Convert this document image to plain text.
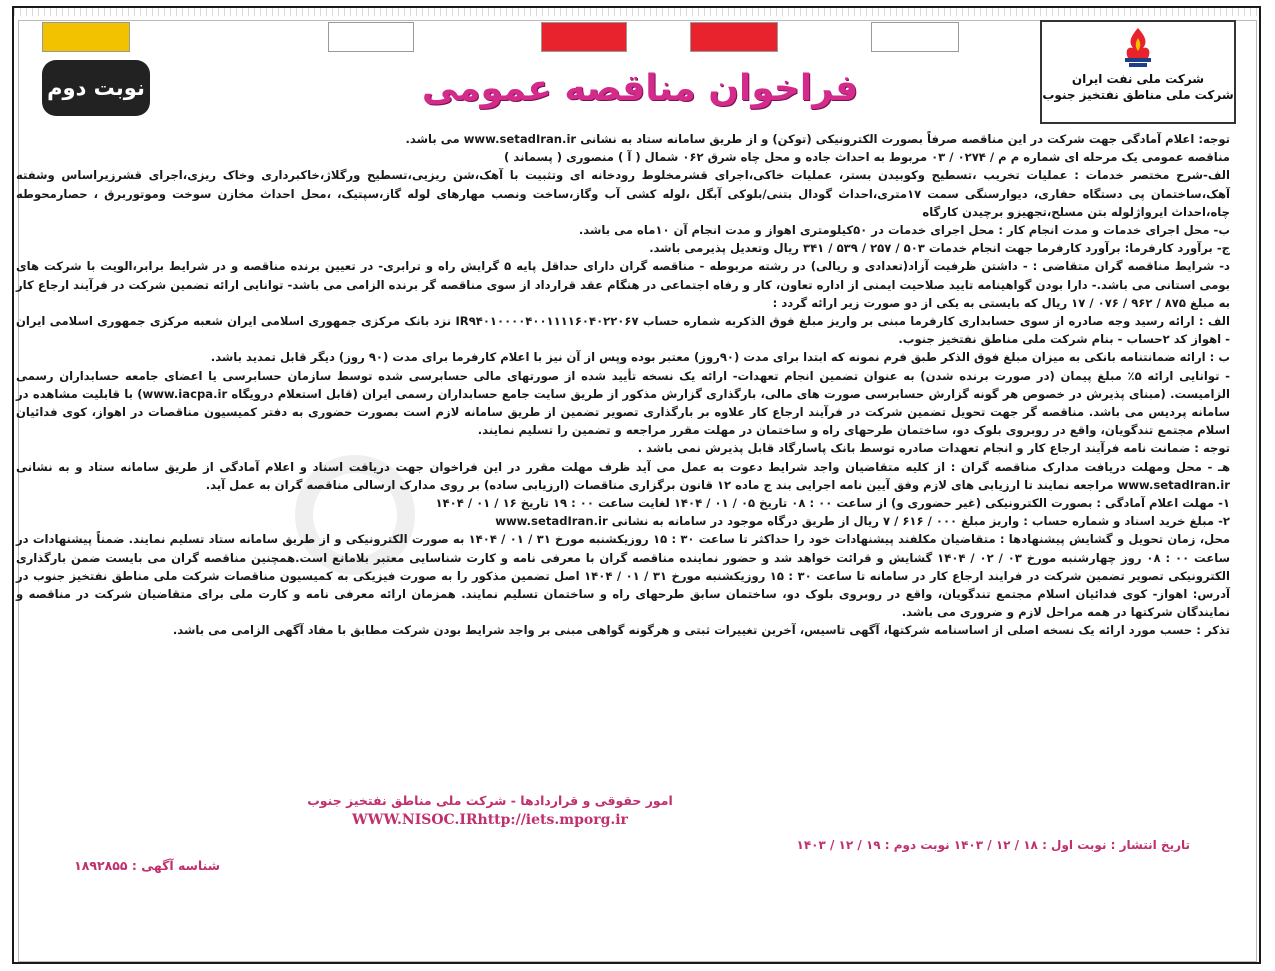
نوبت دوم	شرکت ملی نفت ایران
شرکت ملی مناطق نفتخیز جنوب
فراخوان مناقصه عمومی

توجه: اعلام آمادگی جهت شرکت در این مناقصه صرفاً بصورت الکترونیکی (توکن) و از طریق سامانه ستاد به نشانی www.setadIran.ir می باشد.

مناقصه عمومی یک مرحله ای شماره م م / ۰۲۷۴ / ۰۳ مربوط به احداث جاده و محل چاه شرق ۰۶۲ شمال ( آ ) منصوری ( پسماند )

الف-شرح مختصر خدمات : عملیات تخریب ،تسطیح وکوبیدن بستر، عملیات خاکی،اجرای قشرمخلوط رودخانه ای وتثبیت با آهک،شن ریزیی،تسطیح ورگلاژ،خاکبرداری وخاک ریزی،اجرای قشرزیراساس وشفته آهک،ساختمان پی دستگاه حفاری، دیوارسنگی سمت ۱۷متری،احداث گودال بتنی/بلوکی آبگل ،لوله کشی آب وگاز،ساخت ونصب مهارهای لوله گاز،سپتیک، ،محل احداث مخازن سوخت وموتوربرق ، حصارمحوطه چاه،احداث ایرواژلوله بتن مسلح،تجهیزو برچیدن کارگاه

ب- محل اجرای خدمات و مدت انجام کار : محل اجرای خدمات در ۵۰کیلومتری اهواز و مدت انجام آن ۱۰ماه می باشد.

ج- برآورد کارفرما: برآورد کارفرما جهت انجام خدمات ۵۰۳ / ۲۵۷ / ۵۳۹ / ۳۴۱ ریال وتعدیل پذیرمی باشد.

د- شرایط مناقصه گران متقاضی : - داشتن ظرفیت آزاد(تعدادی و ریالی) در رشته مربوطه - مناقصه گران دارای حداقل پایه ۵ گرایش راه و ترابری- در تعیین برنده مناقصه و در شرایط برابر،الویت با شرکت های بومی استانی می باشد.- دارا بودن گواهینامه تایید صلاحیت ایمنی از اداره تعاون، کار و رفاه اجتماعی در هنگام عقد قرارداد از سوی مناقصه گر برنده الزامی می باشد- توانایی ارائه تضمین شرکت در فرآیند ارجاع کار به مبلغ ۸۷۵ / ۹۶۲ / ۰۷۶ / ۱۷ ریال که بایستی به یکی از دو صورت زیر ارائه گردد :

الف : ارائه رسید وجه صادره از سوی حسابداری کارفرما مبنی بر واریز مبلغ فوق الذکربه شماره حساب IR۹۴۰۱۰۰۰۰۴۰۰۱۱۱۱۶۰۴۰۲۲۰۶۷ نزد بانک مرکزی جمهوری اسلامی ایران شعبه مرکزی جمهوری اسلامی ایران - اهواز کد ۲حساب - بنام شرکت ملی مناطق نفتخیز جنوب.

ب : ارائه ضمانتنامه بانکی به میزان مبلغ فوق الذکر طبق فرم نمونه که ابتدا برای مدت (۹۰روز) معتبر بوده وپس از آن نیز با اعلام کارفرما برای مدت (۹۰ روز) دیگر قابل تمدید باشد.

- توانایی ارائه ۵٪ مبلغ پیمان (در صورت برنده شدن) به عنوان تضمین انجام تعهدات- ارائه یک نسخه تأیید شده از صورتهای مالی حسابرسی شده توسط سازمان حسابرسی یا اعضای جامعه حسابداران رسمی الزامیست. (مبنای پذیرش در خصوص هر گونه گزارش حسابرسی صورت های مالی، بارگذاری گزارش مذکور از طریق سایت جامع حسابداران رسمی ایران (قابل استعلام درویگاه www.iacpa.ir) با قابلیت مشاهده در سامانه پردیس می باشد. مناقصه گر جهت تحویل تضمین شرکت در فرآیند ارجاع کار علاوه بر بارگذاری تصویر تضمین از طریق سامانه لازم است بصورت حضوری به دفتر کمیسیون مناقصات در اهواز، کوی فدائیان اسلام مجتمع تندگویان، واقع در روبروی بلوک دو، ساختمان طرحهای راه و ساختمان در مهلت مقرر مراجعه و تضمین را تسلیم نمایند.

توجه : ضمانت نامه فرآیند ارجاع کار و انجام تعهدات صادره توسط بانک پاسارگاد قابل پذیرش نمی باشد .

هـ - محل ومهلت دریافت مدارک مناقصه گران : از کلیه متقاضیان واجد شرایط دعوت به عمل می آید ظرف مهلت مقرر در این فراخوان جهت دریافت اسناد و اعلام آمادگی از طریق سامانه ستاد و به نشانی www.setadIran.ir مراجعه نمایند تا ارزیابی های لازم وفق آیین نامه اجرایی بند ج ماده ۱۲ قانون برگزاری مناقصات (ارزیابی ساده) بر روی مدارک ارسالی مناقصه گران به عمل آید.

۱- مهلت اعلام آمادگی : بصورت الکترونیکی (غیر حضوری و) از ساعت ۰۰ : ۰۸ تاریخ ۰۵ / ۰۱ / ۱۴۰۴ لغایت ساعت ۰۰ : ۱۹ تاریخ ۱۶ / ۰۱ / ۱۴۰۴

۲- مبلغ خرید اسناد و شماره حساب : واریز مبلغ ۰۰۰ / ۶۱۶ / ۷ ریال از طریق درگاه موجود در سامانه به نشانی www.setadIran.ir

محل، زمان تحویل و گشایش پیشنهادها : متقاضیان مکلفند پیشنهادات خود را حداکثر تا ساعت ۳۰ : ۱۵ روزیکشنبه مورخ ۳۱ / ۰۱ / ۱۴۰۴ به صورت الکترونیکی و از طریق سامانه ستاد تسلیم نمایند. ضمناً پیشنهادات در ساعت ۰۰ : ۰۸ روز چهارشنبه مورخ ۰۳ / ۰۲ / ۱۴۰۴ گشایش و قرائت خواهد شد و حضور نماینده مناقصه گران با معرفی نامه و کارت شناسایی معتبر بلامانع است.همچنین مناقصه گران می بایست ضمن بارگذاری الکترونیکی تصویر تضمین شرکت در فرایند ارجاع کار در سامانه تا ساعت ۳۰ : ۱۵ روزیکشنبه مورخ ۳۱ / ۰۱ / ۱۴۰۴ اصل تضمین مذکور را به صورت فیزیکی به کمیسیون مناقصات شرکت ملی مناطق نفتخیز جنوب در آدرس: اهواز- کوی فدائیان اسلام مجتمع تندگویان، واقع در روبروی بلوک دو، ساختمان سابق طرحهای راه و ساختمان تسلیم نمایند. همزمان ارائه معرفی نامه و کارت ملی برای متقاضیان شرکت در مناقصه و نمایندگان شرکتها در همه مراحل لازم و ضروری می باشد.

تذکر : حسب مورد ارائه یک نسخه اصلی از اساسنامه شرکتها، آگهی تاسیس، آخرین تغییرات ثبتی و هرگونه گواهی مبنی بر واجد شرایط بودن شرکت مطابق با مفاد آگهی الزامی می باشد.

امور حقوقی و قراردادها - شرکت ملی مناطق نفتخیز جنوب
WWW.NISOC.IRhttp://iets.mporg.ir
تاریخ انتشار : نوبت اول : ۱۸ / ۱۲ / ۱۴۰۳ نوبت دوم : ۱۹ / ۱۲ / ۱۴۰۳
شناسه آگهی : ۱۸۹۲۸۵۵
